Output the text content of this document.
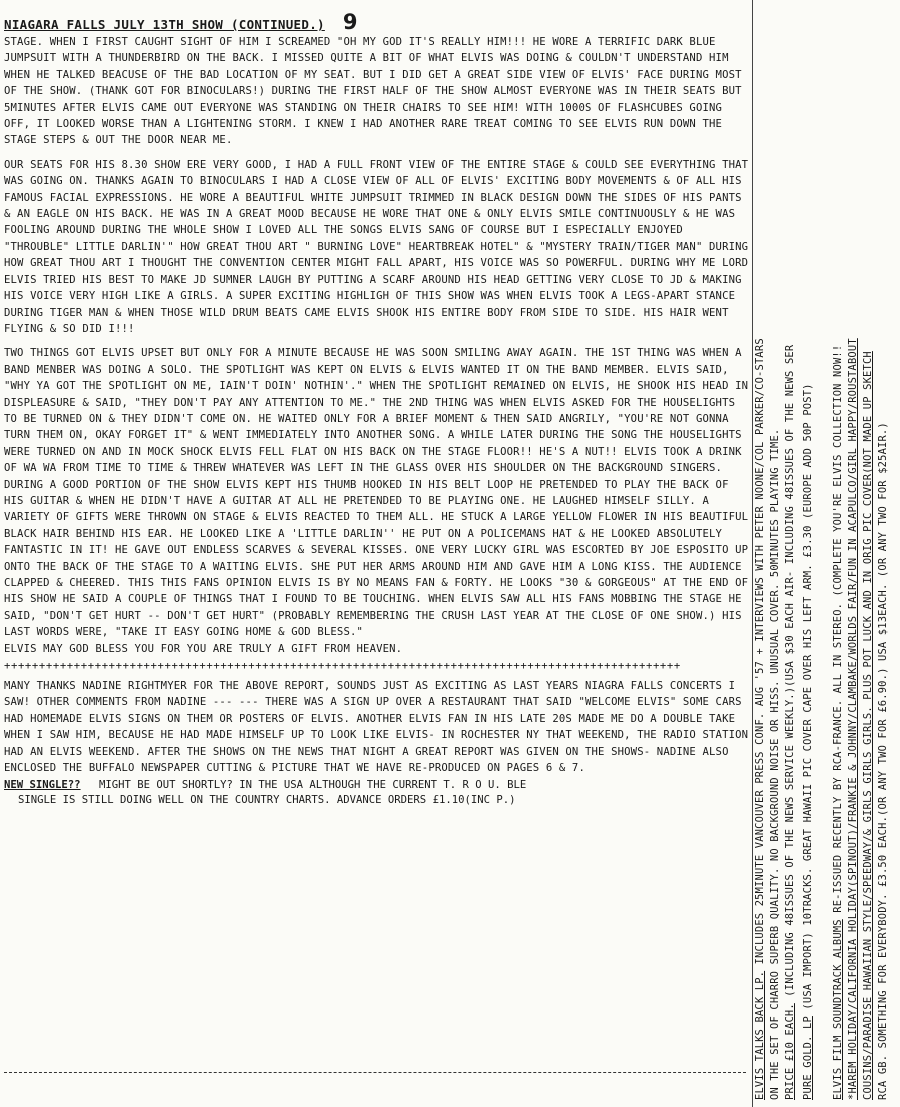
NIAGARA FALLS JULY 13TH SHOW (CONTINUED.) 9

STAGE. WHEN I FIRST CAUGHT SIGHT OF HIM I SCREAMED "OH MY GOD IT'S REALLY HIM!!! HE WORE A TERRIFIC DARK BLUE JUMPSUIT WITH A THUNDERBIRD ON THE BACK. I MISSED QUITE A BIT OF WHAT ELVIS WAS DOING & COULDN'T UNDERSTAND HIM WHEN HE TALKED BEACUSE OF THE BAD LOCATION OF MY SEAT. BUT I DID GET A GREAT SIDE VIEW OF ELVIS' FACE DURING MOST OF THE SHOW. (THANK GOT FOR BINOCULARS!) DURING THE FIRST HALF OF THE SHOW ALMOST EVERYONE WAS IN THEIR SEATS BUT 5MINUTES AFTER ELVIS CAME OUT EVERYONE WAS STANDING ON THEIR CHAIRS TO SEE HIM! WITH 1000S OF FLASHCUBES GOING OFF, IT LOOKED WORSE THAN A LIGHTENING STORM. I KNEW I HAD ANOTHER RARE TREAT COMING TO SEE ELVIS RUN DOWN THE STAGE STEPS & OUT THE DOOR NEAR ME.

OUR SEATS FOR HIS 8.30 SHOW ERE VERY GOOD, I HAD A FULL FRONT VIEW OF THE ENTIRE STAGE & COULD SEE EVERYTHING THAT WAS GOING ON. THANKS AGAIN TO BINOCULARS I HAD A CLOSE VIEW OF ALL OF ELVIS' EXCITING BODY MOVEMENTS & OF ALL HIS FAMOUS FACIAL EXPRESSIONS. HE WORE A BEAUTIFUL WHITE JUMPSUIT TRIMMED IN BLACK DESIGN DOWN THE SIDES OF HIS PANTS & AN EAGLE ON HIS BACK. HE WAS IN A GREAT MOOD BECAUSE HE WORE THAT ONE & ONLY ELVIS SMILE CONTINUOUSLY & HE WAS FOOLING AROUND DURING THE WHOLE SHOW I LOVED ALL THE SONGS ELVIS SANG OF COURSE BUT I ESPECIALLY ENJOYED "THROUBLE" LITTLE DARLIN'" HOW GREAT THOU ART " BURNING LOVE" HEARTBREAK HOTEL" & "MYSTERY TRAIN/TIGER MAN" DURING HOW GREAT THOU ART I THOUGHT THE CONVENTION CENTER MIGHT FALL APART, HIS VOICE WAS SO POWERFUL. DURING WHY ME LORD ELVIS TRIED HIS BEST TO MAKE JD SUMNER LAUGH BY PUTTING A SCARF AROUND HIS HEAD GETTING VERY CLOSE TO JD & MAKING HIS VOICE VERY HIGH LIKE A GIRLS. A SUPER EXCITING HIGHLIGH OF THIS SHOW WAS WHEN ELVIS TOOK A LEGS-APART STANCE DURING TIGER MAN & WHEN THOSE WILD DRUM BEATS CAME ELVIS SHOOK HIS ENTIRE BODY FROM SIDE TO SIDE. HIS HAIR WENT FLYING & SO DID I!!!

TWO THINGS GOT ELVIS UPSET BUT ONLY FOR A MINUTE BECAUSE HE WAS SOON SMILING AWAY AGAIN. THE 1ST THING WAS WHEN A BAND MENBER WAS DOING A SOLO. THE SPOTLIGHT WAS KEPT ON ELVIS & ELVIS WANTED IT ON THE BAND MEMBER. ELVIS SAID, "WHY YA GOT THE SPOTLIGHT ON ME, IAIN'T DOIN' NOTHIN'." WHEN THE SPOTLIGHT REMAINED ON ELVIS, HE SHOOK HIS HEAD IN DISPLEASURE & SAID, "THEY DON'T PAY ANY ATTENTION TO ME." THE 2ND THING WAS WHEN ELVIS ASKED FOR THE HOUSELIGHTS TO BE TURNED ON & THEY DIDN'T COME ON. HE WAITED ONLY FOR A BRIEF MOMENT & THEN SAID ANGRILY, "YOU'RE NOT GONNA TURN THEM ON, OKAY FORGET IT" & WENT IMMEDIATELY INTO ANOTHER SONG. A WHILE LATER DURING THE SONG THE HOUSELIGHTS WERE TURNED ON AND IN MOCK SHOCK ELVIS FELL FLAT ON HIS BACK ON THE STAGE FLOOR!! HE'S A NUT!! ELVIS TOOK A DRINK OF WA WA FROM TIME TO TIME & THREW WHATEVER WAS LEFT IN THE GLASS OVER HIS SHOULDER ON THE BACKGROUND SINGERS. DURING A GOOD PORTION OF THE SHOW ELVIS KEPT HIS THUMB HOOKED IN HIS BELT LOOP HE PRETENDED TO PLAY THE BACK OF HIS GUITAR & WHEN HE DIDN'T HAVE A GUITAR AT ALL HE PRETENDED TO BE PLAYING ONE. HE LAUGHED HIMSELF SILLY. A VARIETY OF GIFTS WERE THROWN ON STAGE & ELVIS REACTED TO THEM ALL. HE STUCK A LARGE YELLOW FLOWER IN HIS BEAUTIFUL BLACK HAIR BEHIND HIS EAR. HE LOOKED LIKE A 'LITTLE DARLIN'' HE PUT ON A POLICEMANS HAT & HE LOOKED ABSOLUTELY FANTASTIC IN IT! HE GAVE OUT ENDLESS SCARVES & SEVERAL KISSES. ONE VERY LUCKY GIRL WAS ESCORTED BY JOE ESPOSITO UP ONTO THE BACK OF THE STAGE TO A WAITING ELVIS. SHE PUT HER ARMS AROUND HIM AND GAVE HIM A LONG KISS. THE AUDIENCE CLAPPED & CHEERED. THIS THIS FANS OPINION ELVIS IS BY NO MEANS FAN & FORTY. HE LOOKS "30 & GORGEOUS" AT THE END OF HIS SHOW HE SAID A COUPLE OF THINGS THAT I FOUND TO BE TOUCHING. WHEN ELVIS SAW ALL HIS FANS MOBBING THE STAGE HE SAID, "DON'T GET HURT -- DON'T GET HURT" (PROBABLY REMEMBERING THE CRUSH LAST YEAR AT THE CLOSE OF ONE SHOW.) HIS LAST WORDS WERE, "TAKE IT EASY GOING HOME & GOD BLESS."

ELVIS MAY GOD BLESS YOU FOR YOU ARE TRULY A GIFT FROM HEAVEN.

+++++++++++++++++++++++++++++++++++++++++++++++++++++++++++++++++++++++++++++++++++++++++++++++++

MANY THANKS NADINE RIGHTMYER FOR THE ABOVE REPORT, SOUNDS JUST AS EXCITING AS LAST YEARS NIAGRA FALLS CONCERTS I SAW! OTHER COMMENTS FROM NADINE --- --- THERE WAS A SIGN UP OVER A RESTAURANT THAT SAID "WELCOME ELVIS" SOME CARS HAD HOMEMADE ELVIS SIGNS ON THEM OR POSTERS OF ELVIS. ANOTHER ELVIS FAN IN HIS LATE 20S MADE ME DO A DOUBLE TAKE WHEN I SAW HIM, BECAUSE HE HAD MADE HIMSELF UP TO LOOK LIKE ELVIS- IN ROCHESTER NY THAT WEEKEND, THE RADIO STATION HAD AN ELVIS WEEKEND. AFTER THE SHOWS ON THE NEWS THAT NIGHT A GREAT REPORT WAS GIVEN ON THE SHOWS- NADINE ALSO ENCLOSED THE BUFFALO NEWSPAPER CUTTING & PICTURE THAT WE HAVE RE-PRODUCED ON PAGES 6 & 7.

NEW SINGLE?? MIGHT BE OUT SHORTLY? IN THE USA ALTHOUGH THE CURRENT T. R O U. BLE
SINGLE IS STILL DOING WELL ON THE COUNTRY CHARTS. ADVANCE ORDERS £1.10(INC P.)
ELVIS TALKS BACK LP. INCLUDES 25MINUTE VANCOUVER PRESS CONF. AUG '57 + INTERVIEWS WITH PETER NOONE/COL PARKER/CO-STARS ON THE SET OF CHARRO SUPERB QUALITY. NO BACKGROUND NOISE OR HISS. UNUSUAL COVER. 50MINUTES PLAYING TIME. PRICE £10 EACH. (INCLUDING 48ISSUES OF THE NEWS SERVICE WEEKLY.)(USA $30 EACH AIR- INCLUDING 48ISSUES OF THE NEWS SER
PURE GOLD. LP (USA IMPORT) 10TRACKS. GREAT HAWAII PIC COVER CAPE OVER HIS LEFT ARM. £3.30 (EUROPE ADD 50P POST)
ELVIS FILM SOUNDTRACK ALBUMS RE-ISSUED RECENTLY BY RCA-FRANCE. ALL IN STEREO. (COMPLETE YOU'RE ELVIS COLLECTION NOW!! *HAREM HOLIDAY/CALIFORNIA HOLIDAY(SPINOUT)/FRANKIE & JOHNNY/CLAMBAKE/WORLDS FAIR/FUN IN ACAPULCO/GIRL HAPPY/ROUSTABOUT COUSINS/PARADISE HAWAIIAN STYLE/SPEEDWAY/& GIRLS GIRLS GIRLS. PLUS POT LUCK AND IN ORIG PIC COVER(NOT MADE UP SKETCH RCA GB. SOMETHING FOR EVERYBODY. £3.50 EACH.(OR ANY TWO FOR £6.90.) USA $13EACH. (OR ANY TWO FOR $25AIR.)
